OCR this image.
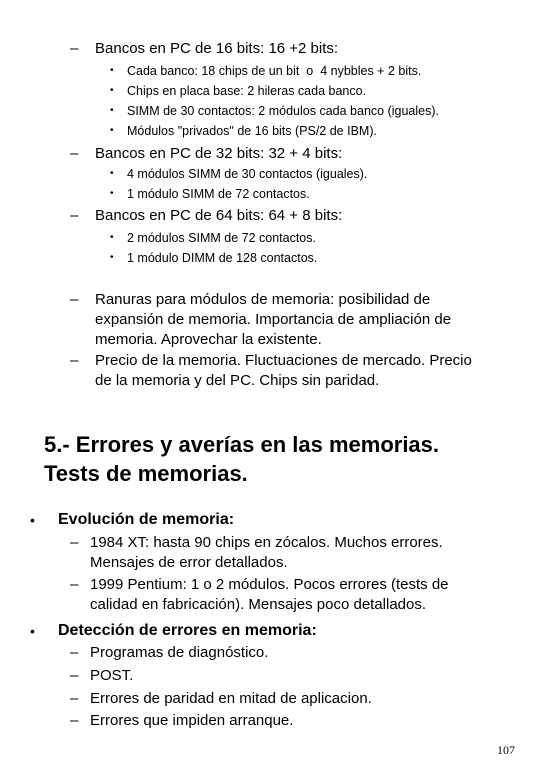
– Bancos en PC de 16 bits: 16 +2 bits:
• Cada banco: 18 chips de un bit  o  4 nybbles + 2 bits.
• Chips en placa base: 2 hileras cada banco.
• SIMM de 30 contactos: 2 módulos cada banco (iguales).
• Módulos "privados" de 16 bits (PS/2 de IBM).
– Bancos en PC de 32 bits: 32 + 4 bits:
• 4 módulos SIMM de 30 contactos (iguales).
• 1 módulo SIMM de 72 contactos.
– Bancos en PC de 64 bits: 64 + 8 bits:
• 2 módulos SIMM de 72 contactos.
• 1 módulo DIMM de 128 contactos.
– Ranuras para módulos de memoria: posibilidad de
expansión de memoria. Importancia de ampliación de
memoria. Aprovechar la existente.
– Precio de la memoria. Fluctuaciones de mercado. Precio
de la memoria y del PC. Chips sin paridad.
5.- Errores y averías en las memorias.
Tests de memorias.
• Evolución de memoria:
– 1984 XT: hasta 90 chips en zócalos. Muchos errores.
Mensajes de error detallados.
– 1999 Pentium: 1 o 2 módulos. Pocos errores (tests de
calidad en fabricación). Mensajes poco detallados.
• Detección de errores en memoria:
– Programas de diagnóstico.
– POST.
– Errores de paridad en mitad de aplicacion.
– Errores que impiden arranque.
107
